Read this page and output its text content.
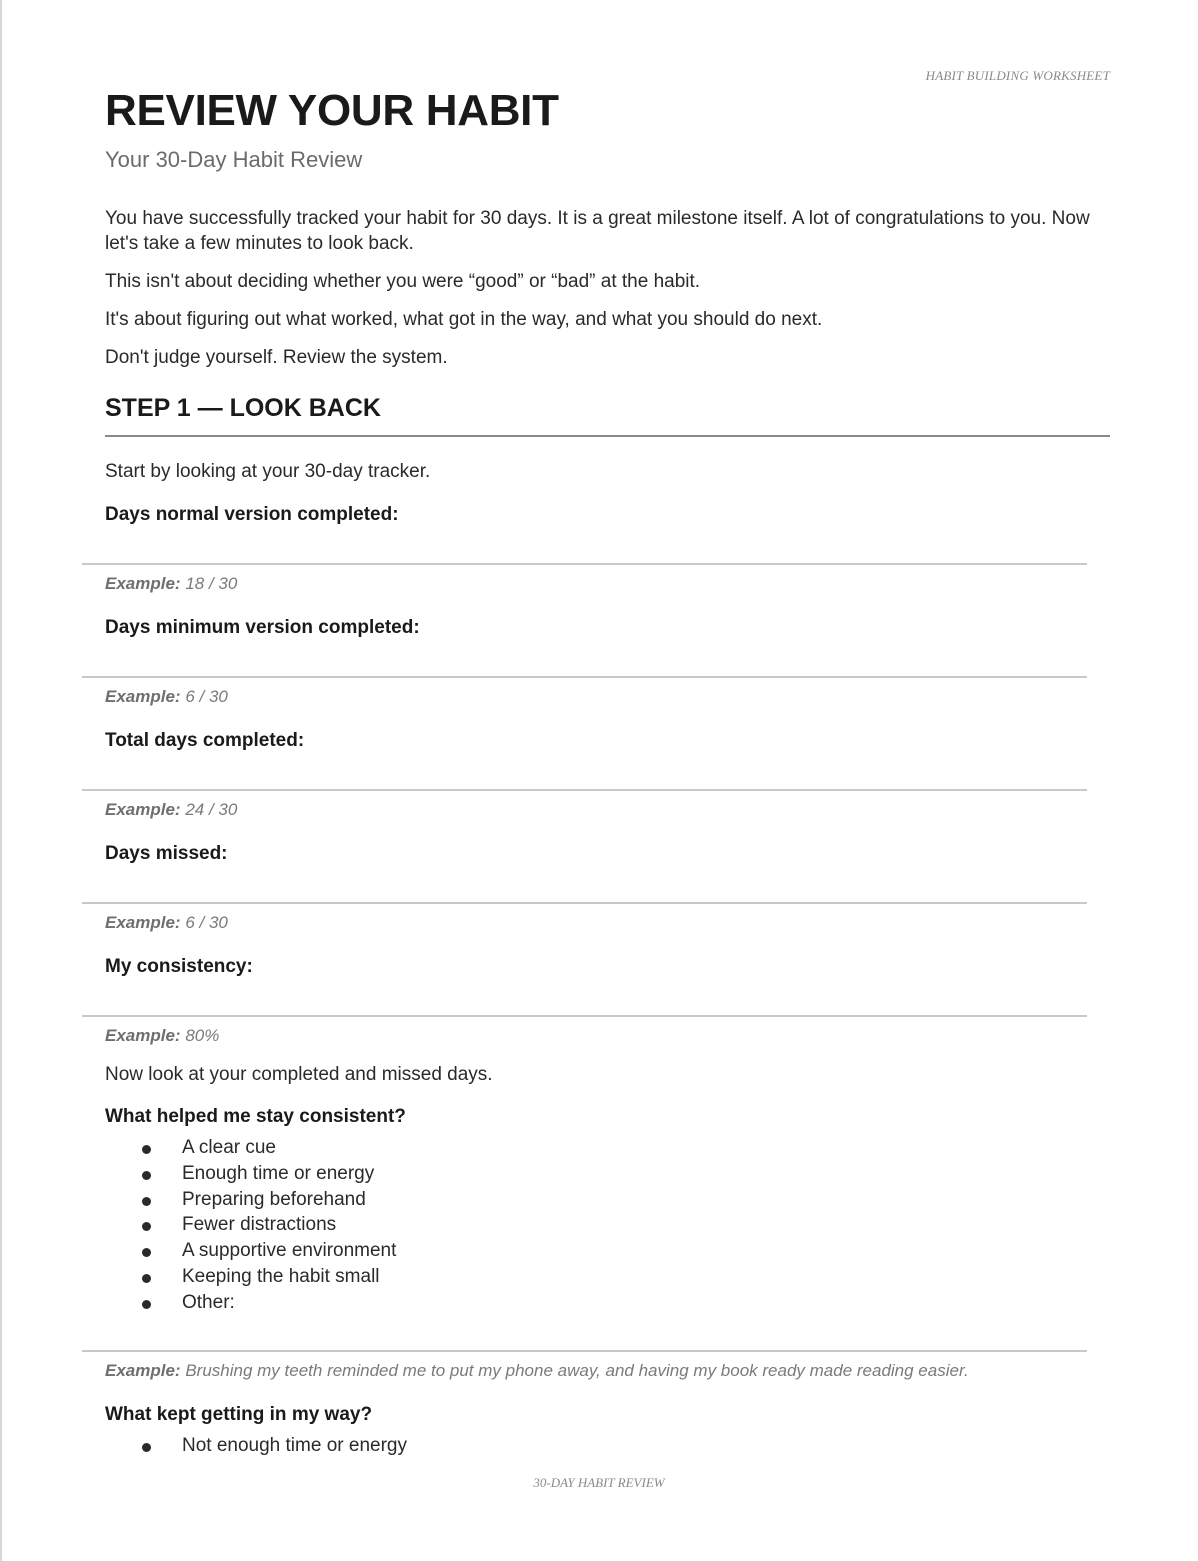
HABIT BUILDING WORKSHEET
REVIEW YOUR HABIT
Your 30-Day Habit Review

You have successfully tracked your habit for 30 days. It is a great milestone itself. A lot of congratulations to you. Now let's take a few minutes to look back.

This isn't about deciding whether you were “good” or “bad” at the habit.

It's about figuring out what worked, what got in the way, and what you should do next.

Don't judge yourself. Review the system.

STEP 1 — LOOK BACK
Start by looking at your 30-day tracker.
Days normal version completed:
Example: 18 / 30
Days minimum version completed:
Example: 6 / 30
Total days completed:
Example: 24 / 30
Days missed:
Example: 6 / 30
My consistency:
Example: 80%
Now look at your completed and missed days.
What helped me stay consistent?
A clear cue
Enough time or energy
Preparing beforehand
Fewer distractions
A supportive environment
Keeping the habit small
Other:
Example: Brushing my teeth reminded me to put my phone away, and having my book ready made reading easier.
What kept getting in my way?
Not enough time or energy
30-DAY HABIT REVIEW
